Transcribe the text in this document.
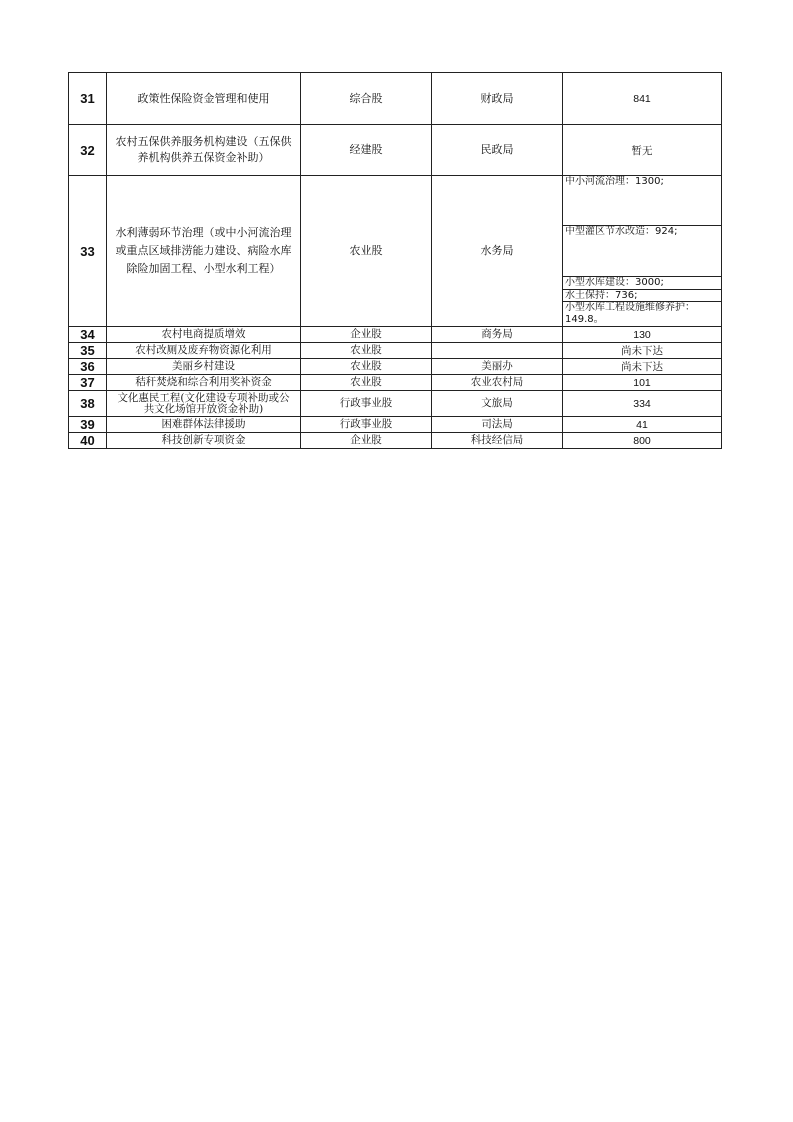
31	政策性保险资金管理和使用	综合股	财政局	841
32	农村五保供养服务机构建设（五保供养机构供养五保资金补助）	经建股	民政局	暂无
33	水利薄弱环节治理（或中小河流治理或重点区域排涝能力建设、病险水库除险加固工程、小型水利工程）	农业股	水务局	中小河流治理：1300;
中型灌区节水改造：924;
小型水库建设：3000;
水土保持：736;
小型水库工程设施维修养护：149.8。

34	农村电商提质增效	企业股	商务局	130
35	农村改厕及废弃物资源化利用	农业股		尚未下达
36	美丽乡村建设	农业股	美丽办	尚未下达
37	秸秆焚烧和综合利用奖补资金	农业股	农业农村局	101
38	文化惠民工程(文化建设专项补助或公共文化场馆开放资金补助)	行政事业股	文旅局	334
39	困难群体法律援助	行政事业股	司法局	41
40	科技创新专项资金	企业股	科技经信局	800
